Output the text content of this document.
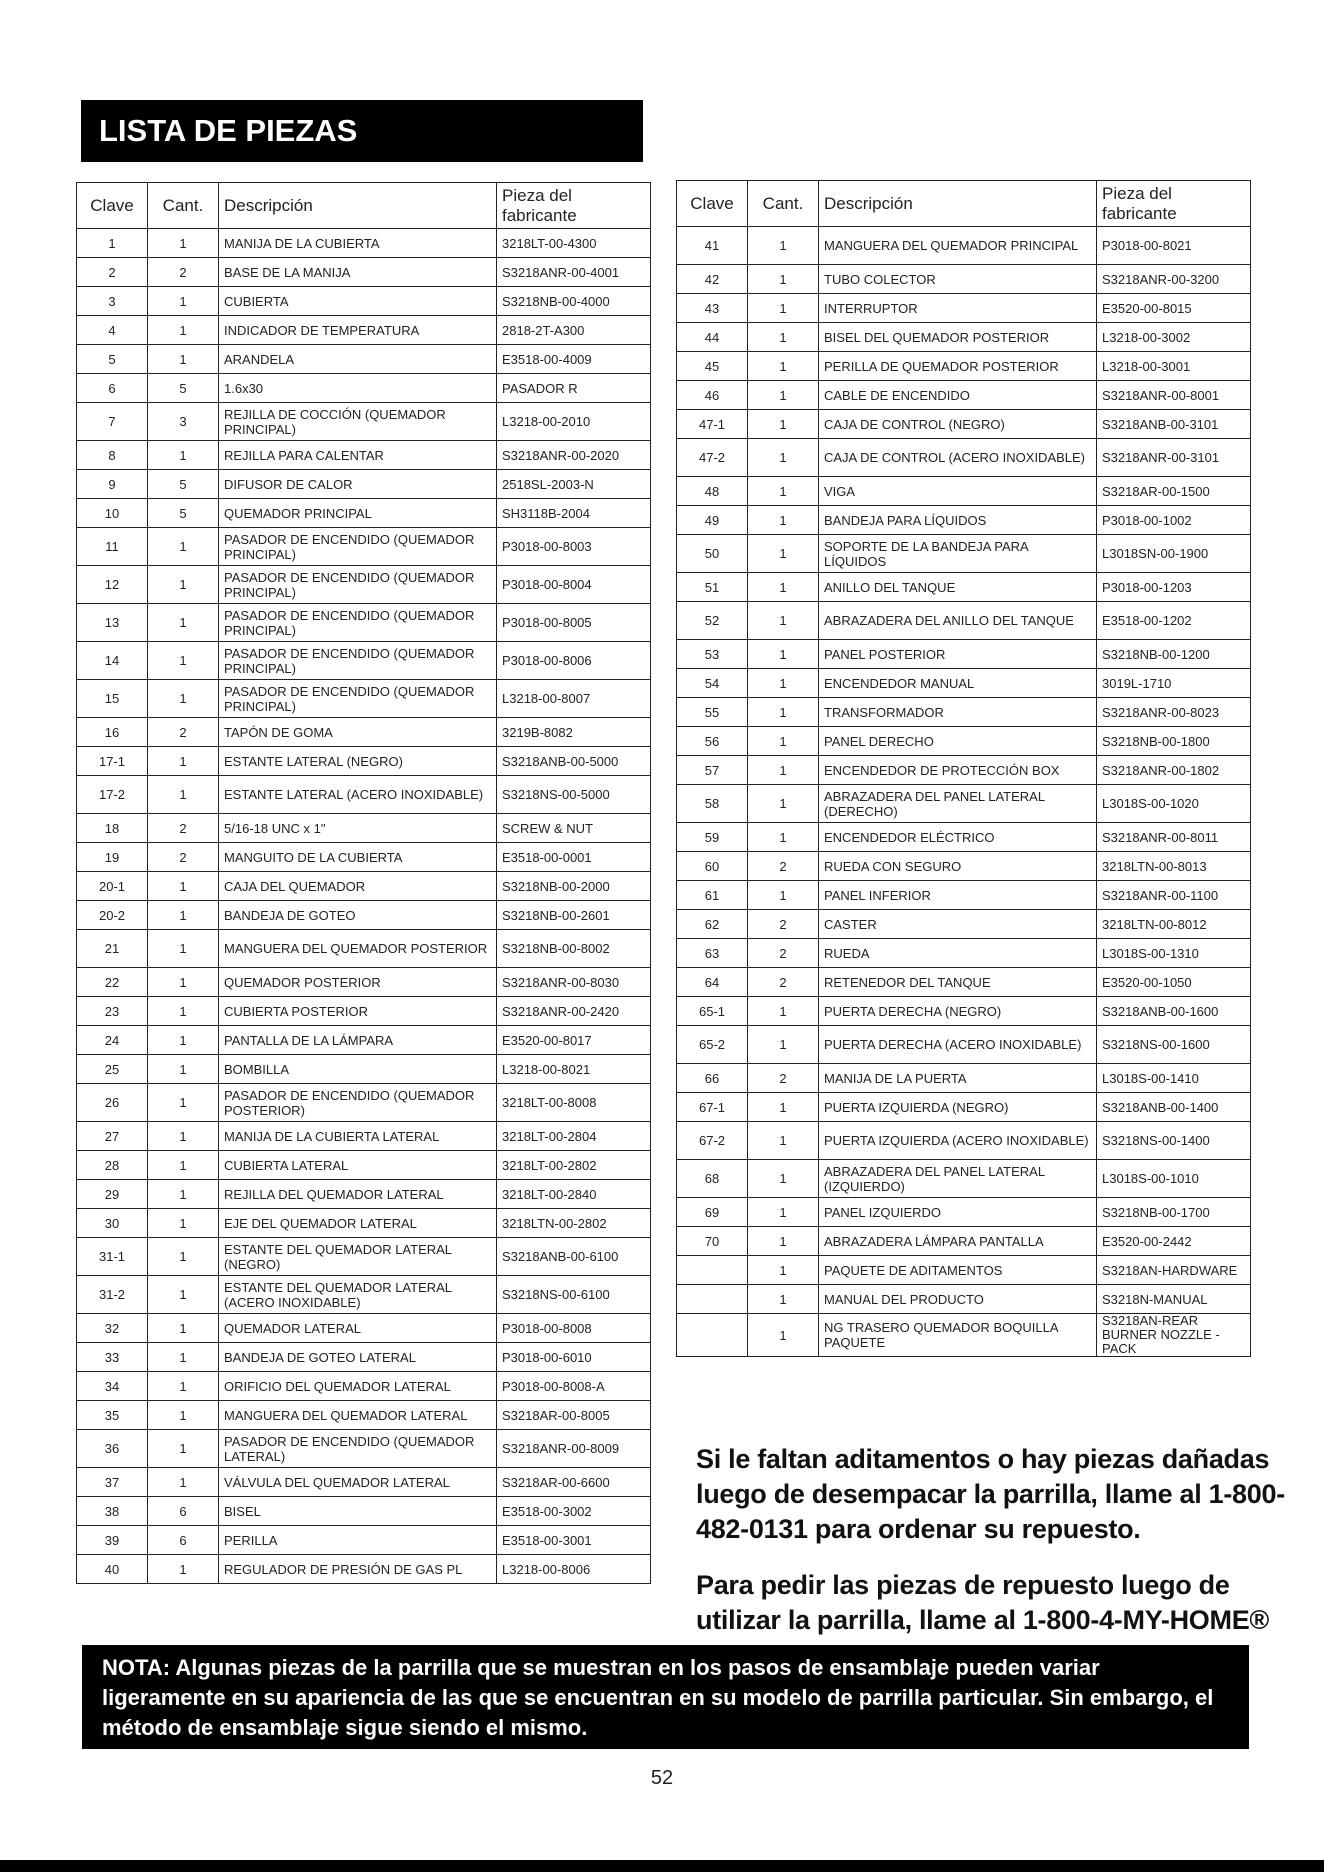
LISTA DE PIEZAS
Clave	Cant.	Descripción	Pieza del fabricante
1	1	MANIJA DE LA CUBIERTA	3218LT-00-4300
2	2	BASE DE LA MANIJA	S3218ANR-00-4001
3	1	CUBIERTA	S3218NB-00-4000
4	1	INDICADOR DE TEMPERATURA	2818-2T-A300
5	1	ARANDELA	E3518-00-4009
6	5	1.6x30	PASADOR R
7	3	REJILLA DE COCCIÓN (QUEMADOR PRINCIPAL)	L3218-00-2010
8	1	REJILLA PARA CALENTAR	S3218ANR-00-2020
9	5	DIFUSOR DE CALOR	2518SL-2003-N
10	5	QUEMADOR PRINCIPAL	SH3118B-2004
11	1	PASADOR DE ENCENDIDO (QUEMADOR PRINCIPAL)	P3018-00-8003
12	1	PASADOR DE ENCENDIDO (QUEMADOR PRINCIPAL)	P3018-00-8004
13	1	PASADOR DE ENCENDIDO (QUEMADOR PRINCIPAL)	P3018-00-8005
14	1	PASADOR DE ENCENDIDO (QUEMADOR PRINCIPAL)	P3018-00-8006
15	1	PASADOR DE ENCENDIDO (QUEMADOR PRINCIPAL)	L3218-00-8007
16	2	TAPÓN DE GOMA	3219B-8082
17-1	1	ESTANTE LATERAL (NEGRO)	S3218ANB-00-5000
17-2	1	ESTANTE LATERAL (ACERO INOXIDABLE)	S3218NS-00-5000
18	2	5/16-18 UNC x 1"	SCREW & NUT
19	2	MANGUITO DE LA CUBIERTA	E3518-00-0001
20-1	1	CAJA DEL QUEMADOR	S3218NB-00-2000
20-2	1	BANDEJA DE GOTEO	S3218NB-00-2601
21	1	MANGUERA DEL QUEMADOR POSTERIOR	S3218NB-00-8002
22	1	QUEMADOR POSTERIOR	S3218ANR-00-8030
23	1	CUBIERTA POSTERIOR	S3218ANR-00-2420
24	1	PANTALLA DE LA LÁMPARA	E3520-00-8017
25	1	BOMBILLA	L3218-00-8021
26	1	PASADOR DE ENCENDIDO (QUEMADOR POSTERIOR)	3218LT-00-8008
27	1	MANIJA DE LA CUBIERTA LATERAL	3218LT-00-2804
28	1	CUBIERTA LATERAL	3218LT-00-2802
29	1	REJILLA DEL QUEMADOR LATERAL	3218LT-00-2840
30	1	EJE DEL QUEMADOR LATERAL	3218LTN-00-2802
31-1	1	ESTANTE DEL QUEMADOR LATERAL (NEGRO)	S3218ANB-00-6100
31-2	1	ESTANTE DEL QUEMADOR LATERAL (ACERO INOXIDABLE)	S3218NS-00-6100
32	1	QUEMADOR LATERAL	P3018-00-8008
33	1	BANDEJA DE GOTEO LATERAL	P3018-00-6010
34	1	ORIFICIO DEL QUEMADOR LATERAL	P3018-00-8008-A
35	1	MANGUERA DEL QUEMADOR LATERAL	S3218AR-00-8005
36	1	PASADOR DE ENCENDIDO (QUEMADOR LATERAL)	S3218ANR-00-8009
37	1	VÁLVULA DEL QUEMADOR LATERAL	S3218AR-00-6600
38	6	BISEL	E3518-00-3002
39	6	PERILLA	E3518-00-3001
40	1	REGULADOR DE PRESIÓN DE GAS PL	L3218-00-8006
Clave	Cant.	Descripción	Pieza del fabricante
41	1	MANGUERA DEL QUEMADOR PRINCIPAL	P3018-00-8021
42	1	TUBO COLECTOR	S3218ANR-00-3200
43	1	INTERRUPTOR	E3520-00-8015
44	1	BISEL DEL QUEMADOR POSTERIOR	L3218-00-3002
45	1	PERILLA DE QUEMADOR POSTERIOR	L3218-00-3001
46	1	CABLE DE ENCENDIDO	S3218ANR-00-8001
47-1	1	CAJA DE CONTROL (NEGRO)	S3218ANB-00-3101
47-2	1	CAJA DE CONTROL (ACERO INOXIDABLE)	S3218ANR-00-3101
48	1	VIGA	S3218AR-00-1500
49	1	BANDEJA PARA LÍQUIDOS	P3018-00-1002
50	1	SOPORTE DE LA BANDEJA PARA LÍQUIDOS	L3018SN-00-1900
51	1	ANILLO DEL TANQUE	P3018-00-1203
52	1	ABRAZADERA DEL ANILLO DEL TANQUE	E3518-00-1202
53	1	PANEL POSTERIOR	S3218NB-00-1200
54	1	ENCENDEDOR MANUAL	3019L-1710
55	1	TRANSFORMADOR	S3218ANR-00-8023
56	1	PANEL DERECHO	S3218NB-00-1800
57	1	ENCENDEDOR DE PROTECCIÓN BOX	S3218ANR-00-1802
58	1	ABRAZADERA DEL PANEL LATERAL (DERECHO)	L3018S-00-1020
59	1	ENCENDEDOR ELÉCTRICO	S3218ANR-00-8011
60	2	RUEDA CON SEGURO	3218LTN-00-8013
61	1	PANEL INFERIOR	S3218ANR-00-1100
62	2	CASTER	3218LTN-00-8012
63	2	RUEDA	L3018S-00-1310
64	2	RETENEDOR DEL TANQUE	E3520-00-1050
65-1	1	PUERTA DERECHA (NEGRO)	S3218ANB-00-1600
65-2	1	PUERTA DERECHA (ACERO INOXIDABLE)	S3218NS-00-1600
66	2	MANIJA DE LA PUERTA	L3018S-00-1410
67-1	1	PUERTA IZQUIERDA (NEGRO)	S3218ANB-00-1400
67-2	1	PUERTA IZQUIERDA (ACERO INOXIDABLE)	S3218NS-00-1400
68	1	ABRAZADERA DEL PANEL LATERAL (IZQUIERDO)	L3018S-00-1010
69	1	PANEL IZQUIERDO	S3218NB-00-1700
70	1	ABRAZADERA LÁMPARA PANTALLA	E3520-00-2442
	1	PAQUETE DE ADITAMENTOS	S3218AN-HARDWARE
	1	MANUAL DEL PRODUCTO	S3218N-MANUAL
	1	NG TRASERO QUEMADOR BOQUILLA PAQUETE	S3218AN-REAR BURNER NOZZLE -PACK
Si le faltan aditamentos o hay piezas dañadas luego de desempacar la parrilla, llame al 1-800-482-0131 para ordenar su repuesto.
Para pedir las piezas de repuesto luego de utilizar la parrilla, llame al 1-800-4-MY-HOME®
NOTA: Algunas piezas de la parrilla que se muestran en los pasos de ensamblaje pueden variar ligeramente en su apariencia de las que se encuentran en su modelo de parrilla particular. Sin embargo, el método de ensamblaje sigue siendo el mismo.
52
